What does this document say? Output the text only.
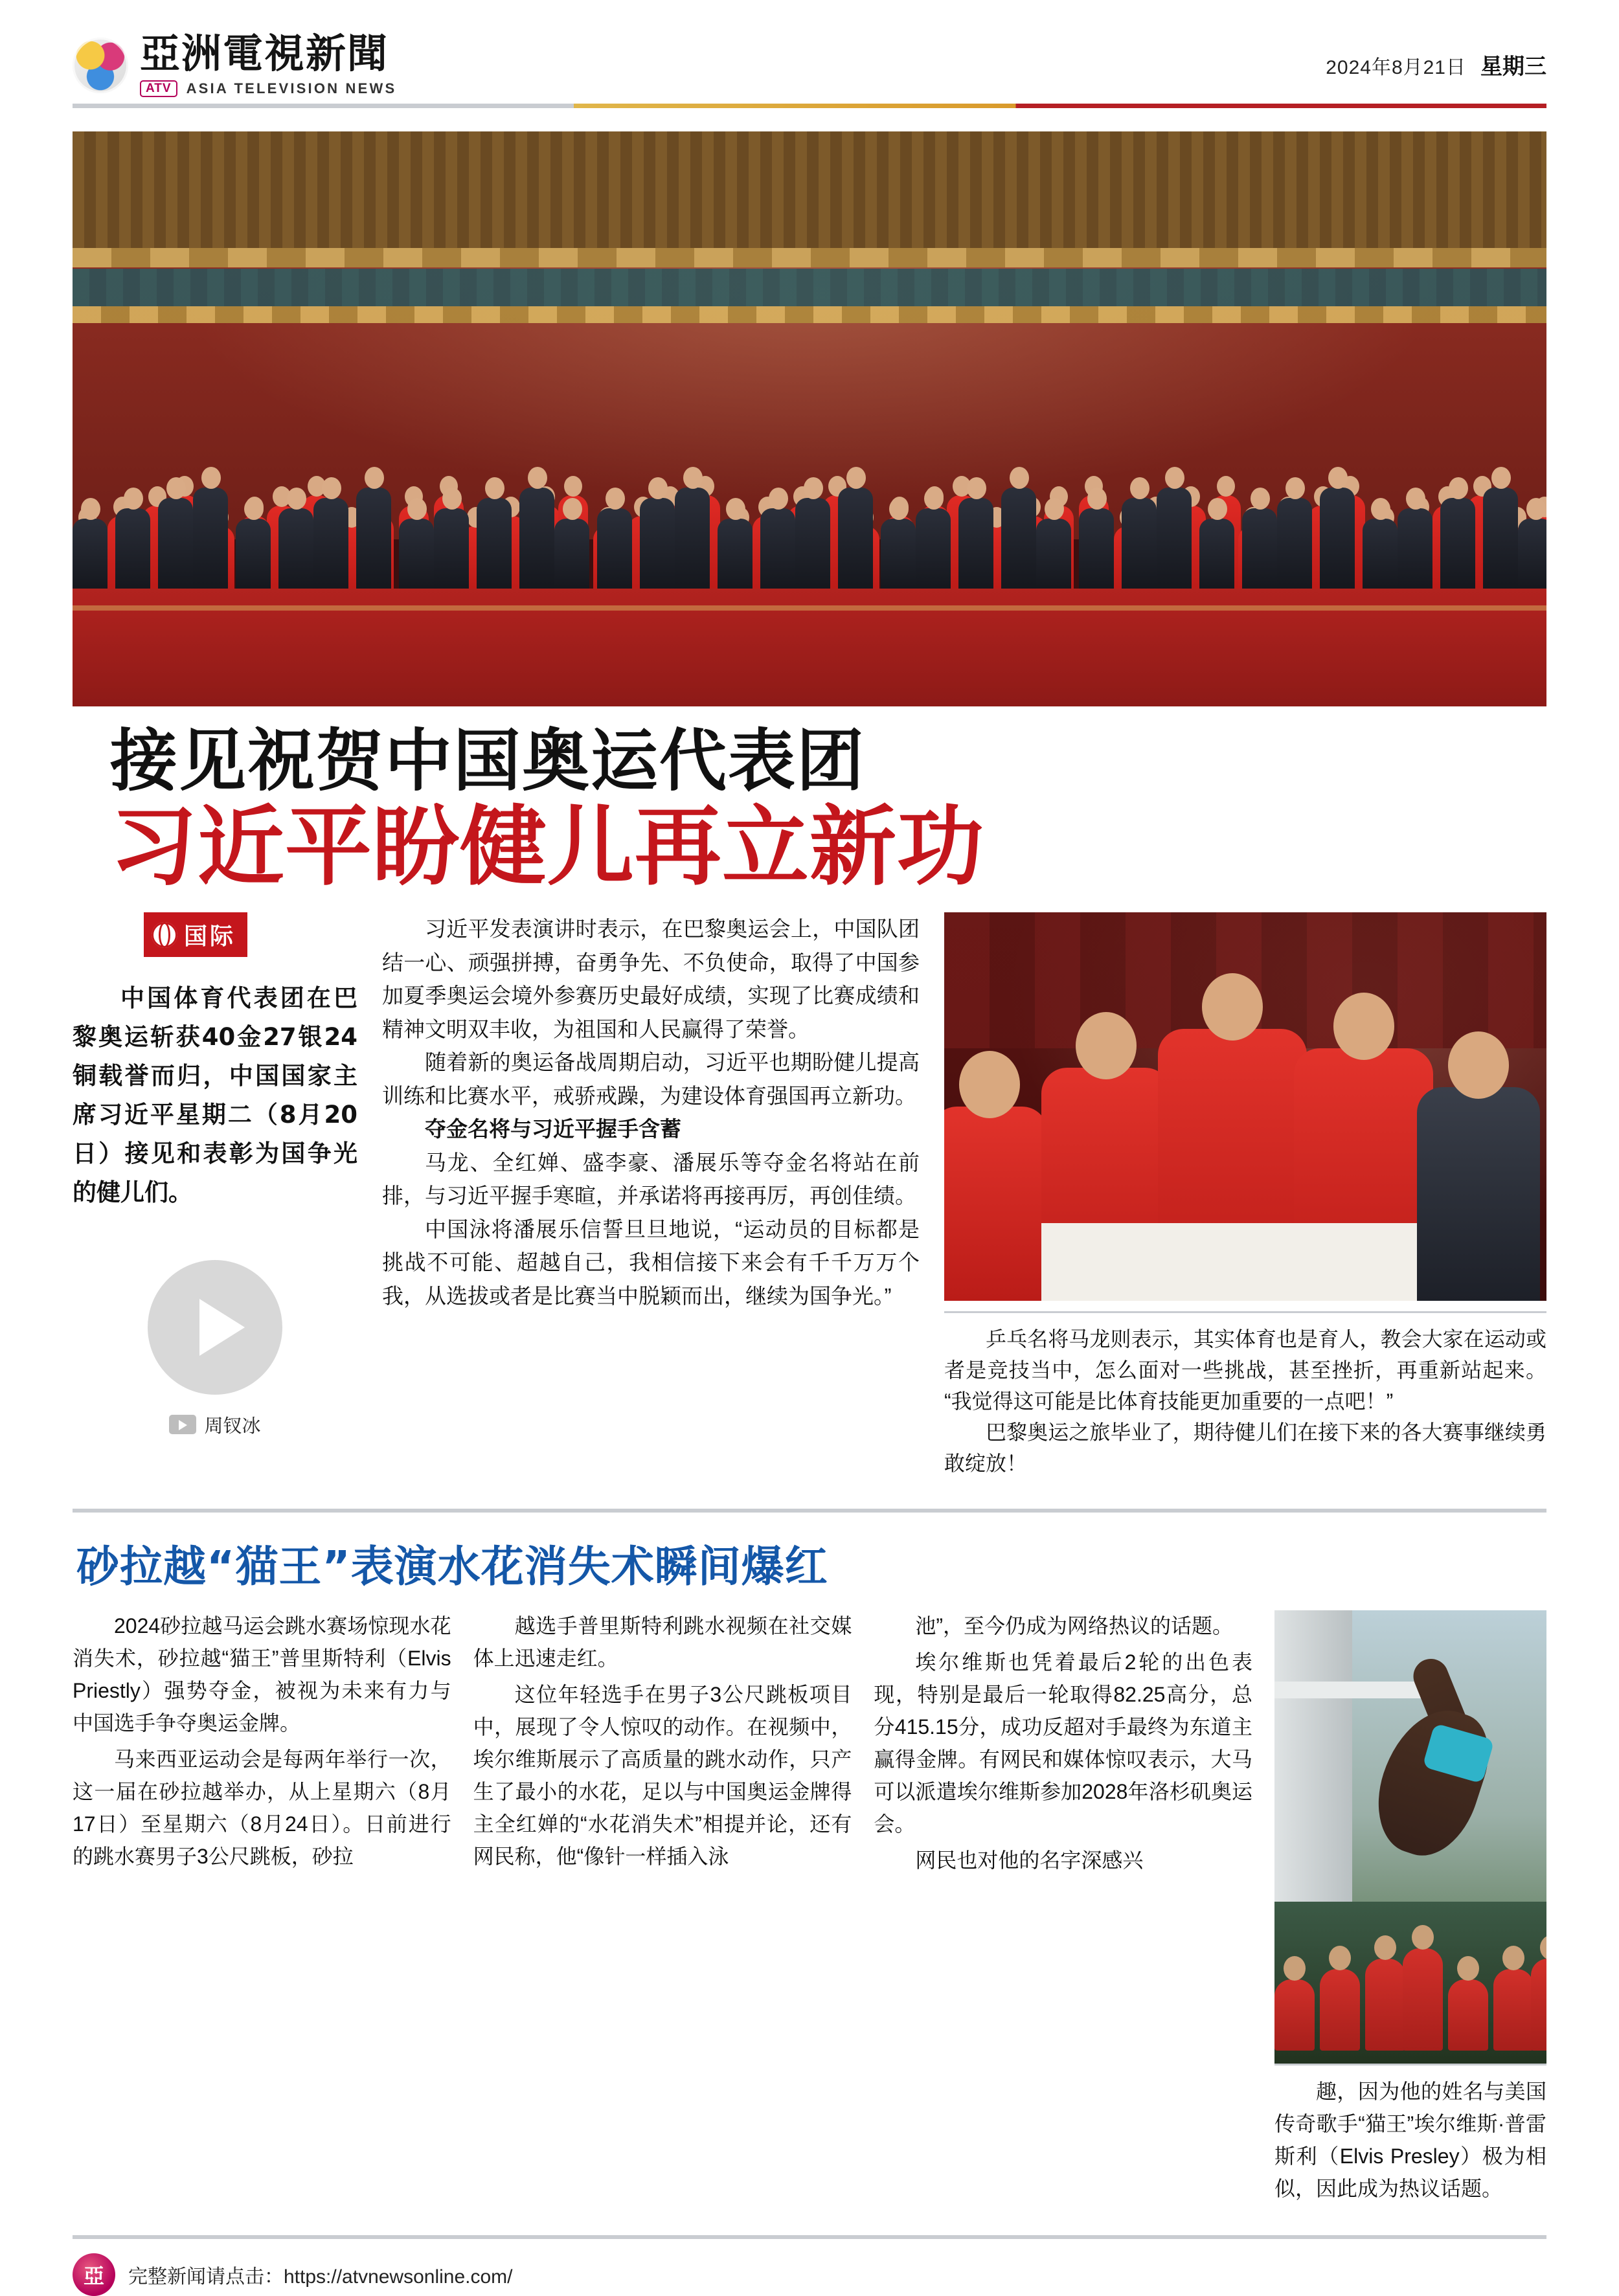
亞洲電視新聞
ATV	ASIA TELEVISION NEWS
2024年8月21日 星期三
接见祝贺中国奥运代表团
习近平盼健儿再立新功
国际
中国体育代表团在巴黎奥运斩获40金27银24铜载誉而归，中国国家主席习近平星期二（8月20日）接见和表彰为国争光的健儿们。
周钗冰

习近平发表演讲时表示，在巴黎奥运会上，中国队团结一心、顽强拼搏，奋勇争先、不负使命，取得了中国参加夏季奥运会境外参赛历史最好成绩，实现了比赛成绩和精神文明双丰收，为祖国和人民赢得了荣誉。

随着新的奥运备战周期启动，习近平也期盼健儿提高训练和比赛水平，戒骄戒躁，为建设体育强国再立新功。

夺金名将与习近平握手含蓄

马龙、全红婵、盛李豪、潘展乐等夺金名将站在前排，与习近平握手寒暄，并承诺将再接再厉，再创佳绩。

中国泳将潘展乐信誓旦旦地说，“运动员的目标都是挑战不可能、超越自己，我相信接下来会有千千万万个我，从选拔或者是比赛当中脱颖而出，继续为国争光。”

乒乓名将马龙则表示，其实体育也是育人，教会大家在运动或者是竞技当中，怎么面对一些挑战，甚至挫折，再重新站起来。“我觉得这可能是比体育技能更加重要的一点吧！”

巴黎奥运之旅毕业了，期待健儿们在接下来的各大赛事继续勇敢绽放！

砂拉越“猫王”表演水花消失术瞬间爆红

2024砂拉越马运会跳水赛场惊现水花消失术，砂拉越“猫王”普里斯特利（Elvis Priestly）强势夺金，被视为未来有力与中国选手争夺奥运金牌。

马来西亚运动会是每两年举行一次，这一届在砂拉越举办，从上星期六（8月17日）至星期六（8月24日）。日前进行的跳水赛男子3公尺跳板，砂拉

越选手普里斯特利跳水视频在社交媒体上迅速走红。

这位年轻选手在男子3公尺跳板项目中，展现了令人惊叹的动作。在视频中，埃尔维斯展示了高质量的跳水动作，只产生了最小的水花，足以与中国奥运金牌得主全红婵的“水花消失术”相提并论，还有网民称，他“像针一样插入泳

池”，至今仍成为网络热议的话题。

埃尔维斯也凭着最后2轮的出色表现，特别是最后一轮取得82.25高分，总分415.15分，成功反超对手最终为东道主赢得金牌。有网民和媒体惊叹表示，大马可以派遣埃尔维斯参加2028年洛杉矶奥运会。

网民也对他的名字深感兴

趣，因为他的姓名与美国传奇歌手“猫王”埃尔维斯·普雷斯利（Elvis Presley）极为相似，因此成为热议话题。

亞
完整新闻请点击：https://atvnewsonline.com/
